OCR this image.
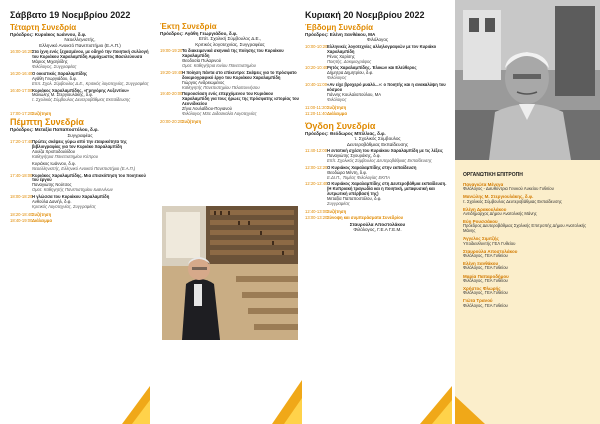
Σάββατο 19 Νοεμβρίου 2022
Τέταρτη Συνεδρία
Πρόεδρος: Κυριάκος Ιωάννου, δ.φ.

Νεοελληνιστής,
Ελληνικό Ανοικτό Πανεπιστήμιο (Ε.Α.Π.)
16:00-16:20 Στα ίχνη ενός ξεχασμένου, με οδηγό την ποιητική συλλογή του Κυριάκου Χαραλαμπίδη Αμμόχωστος Βασιλεύουσα
Μάριος Μιχαηλίδης
Φιλόλογος, Συγγραφέας
16:20-16:40 Ο οικιστικός Χαραλαμπίδης
Αγάθη Γεωργιάδου, δ.φ.
Επιτ. Σχολ. Σύμβουλος Δ.Ε., Κριτικός λογοτεχνίας, Συγγραφέας
16:40-17:00 Κυριάκος Χαραλαμπίδης, «Γρηγόρης Αυξεντίου»
Μανώλης Μ. Στεργιουλάκης, δ.φ.
τ. Σχολικός Σύμβουλος Δευτεροβάθμιας Εκπαίδευσης
17:00-17:20 Συζήτηση
Πέμπτη Συνεδρία
Πρόεδρος: Μεταξία Παπαποστόλου, δ.φ.

Συγγραφέας
17:20-17:40 Πρώτες σκέψεις γύρω από την εταιρικότητα της βιβλιογραφίας για τον Κυριάκο Χαραλαμπίδη
Λουίζα Χριστοδουλίδου
Καθηγήτρια Πανεπιστημίου Κύπρου
Κυριάκος Ιωάννου, δ.φ.
Νεοελληνιστής, Ελληνικό Ανοικτό Πανεπιστήμιο (Ε.Α.Π.)
17:40-18:00 Κυριάκος Χαραλαμπίδης. Μια επισκόπηση του ποιητικού του έργου
Παναγιώτης Νούτσος
Ομοτ. Καθηγητής Πανεπιστημίου Ιωαννίνων
18:00-18:20 Η γλώσσα του Κυριάκου Χαραλαμπίδη
Ανθούλα Δανιήλ, δ.φ.
Κριτικός Λογοτεχνίας, Συγγραφέας
18:20-18:40 Συζήτηση
18:40-19:00 Διάλειμμα
Έκτη Συνεδρία
Πρόεδρος: Αγάθη Γεωργιάδου, δ.φ.

Επίτ. Σχολική Σύμβουλος Δ.Ε.,
Κριτικός λογοτεχνίας, Συγγραφέας
19:00-19:20 Τα διακειμενικά σκηνικά της ποίησης του Κυριάκου Χαραλαμπίδη
Θεοδοσία Πυλαρινού
Ομοτ. Καθηγήτρια Ιονίου Πανεπιστημίου
19:20-19:40 Η ποίηση πάντα στο επίκεντρο: Σκέψεις για το πρόσφατο δοκιμιογραφικό έργο του Κυριάκου Χαραλαμπίδη
Γιώργος Ανδρειωμένος
Καθηγητής Πανεπιστημίου Πελοποννήσου
19:40-20:00 Παρουσίαση ενός επερχόμενου του Κυριάκου Χαραλαμπίδη για τους ήρωες της πρόσφατης ιστορίας του Λεονιδικείου
Ζήνα Λουλαΐδιου-Πογιανού
Φιλόλογος ΜSc Διδασκαλία Λογοτεχνίας
20:00-20:20 Συζήτηση
Κυριακή 20 Νοεμβρίου 2022
Έβδομη Συνεδρία
Πρόεδρος: Ελένη Ξανθάκου, ΜΑ

Φιλόλογος
10:00-10:20 Ελληνικές λογοτεχνίες αλληλογραφιών με τον Κυριάκο Χαραλαμπίδη
Ρένος Χαρίσης
Ποιητής, Δοκιμιογράφος
10:20-10:40 Ρητός Χαραλαμπίδης. Έλικων και Ελεύθερος
Δήμητρα Δημητρίου, δ.φ.
Φιλόλογος
10:40-11:00 «Αν είχε βροχερό μυαλό...»: ο ποιητής και η ανακαλύψη του κόσμου
Γιάννης Κουλαλοπούλου, ΜΑ
Φιλόλογος
11:00-11:20 Συζήτηση
11:20-11:40 Διάλειμμα
Όγδοη Συνεδρία
Πρόεδρος: Θεόδωρος Μπίλλιας, δ.φ.

τ. Σχολικός Σύμβουλος
Δευτεροβάθμιας Εκπαίδευσης
11:40-12:00 Η εντατική σχέση του Κυριάκου Χαραλαμπίδη με τις λέξεις
Παναγιώτης Σγουράκης, δ.φ.
Επίτ. Σχολικός Σύμβουλος Δευτεροβάθμιας Εκπαίδευσης
12:00-12:20 Ο Κυριάκος Χαραλαμπίδης στην εκπαίδευση
Θεοδώρα Μέντη, δ.φ.
Ε.ΔΙ.Π., Τομέας Φιλολογίας ΕΚΠΑ
12:20-12:40 Ο Κυριάκος Χαραλαμπίδης στη Δευτεροβάθμια εκπαίδευση. (Η Κυπριακή τραγωδία και η ποιητική, μεταφυσική και λυτρωτική υπέρβασή της)
Μεταξία Παπαποστόλου, δ.φ.
Συγγραφέας
12:40-13:00 Συζήτηση
13:00-13:20 Σύνοψη και συμπεράσματα Συνεδρίου
Σταυρούλα Αποστολάκου
Φιλόλογος, Γ.Ε.Α Γ.Ε.Μ.
ΟΡΓΑΝΩΤΙΚΗ ΕΠΙΤΡΟΠΗ
Παναγιώτα Μένεγα
Φιλόλογος - Διευθύντρια Γενικού Λυκείου Γυθείου
Μανώλης Μ. Στεργιουλάκης, δ.φ.
τ. Σχολικός Σύμβουλος Δευτεροβάθμιας Εκπαίδευσης
Ελένη Δρακουλάκου
Αντιδήμαρχος Δήμου Ανατολικής Μάνης
Εύη Ρουσσάκου
Πρόεδρος Δευτεροβάθμιας Σχολικής Επιτροπής Δήμου Ανατολικής Μάνης
Άγγελος Σιμιτζής
Υποδιευθυντής ΓΕΛ Γυθείου
Σταυρούλα Αποστολάκου
Φιλόλογος, ΓΕΑ Γυθείου
Ελένη Ξανθάκου
Φιλόλογος, ΓΕΑ Γυθείου
Μαρία Παπαροδήμου
Φιλόλογος, ΓΕΑ Γυθείου
Χρήστος Φλωρής
Φιλόλογος, ΓΕΑ Γυθείου
Γιώτα Τρανού
Φιλόλογος, ΓΕΑ Γυθείου
